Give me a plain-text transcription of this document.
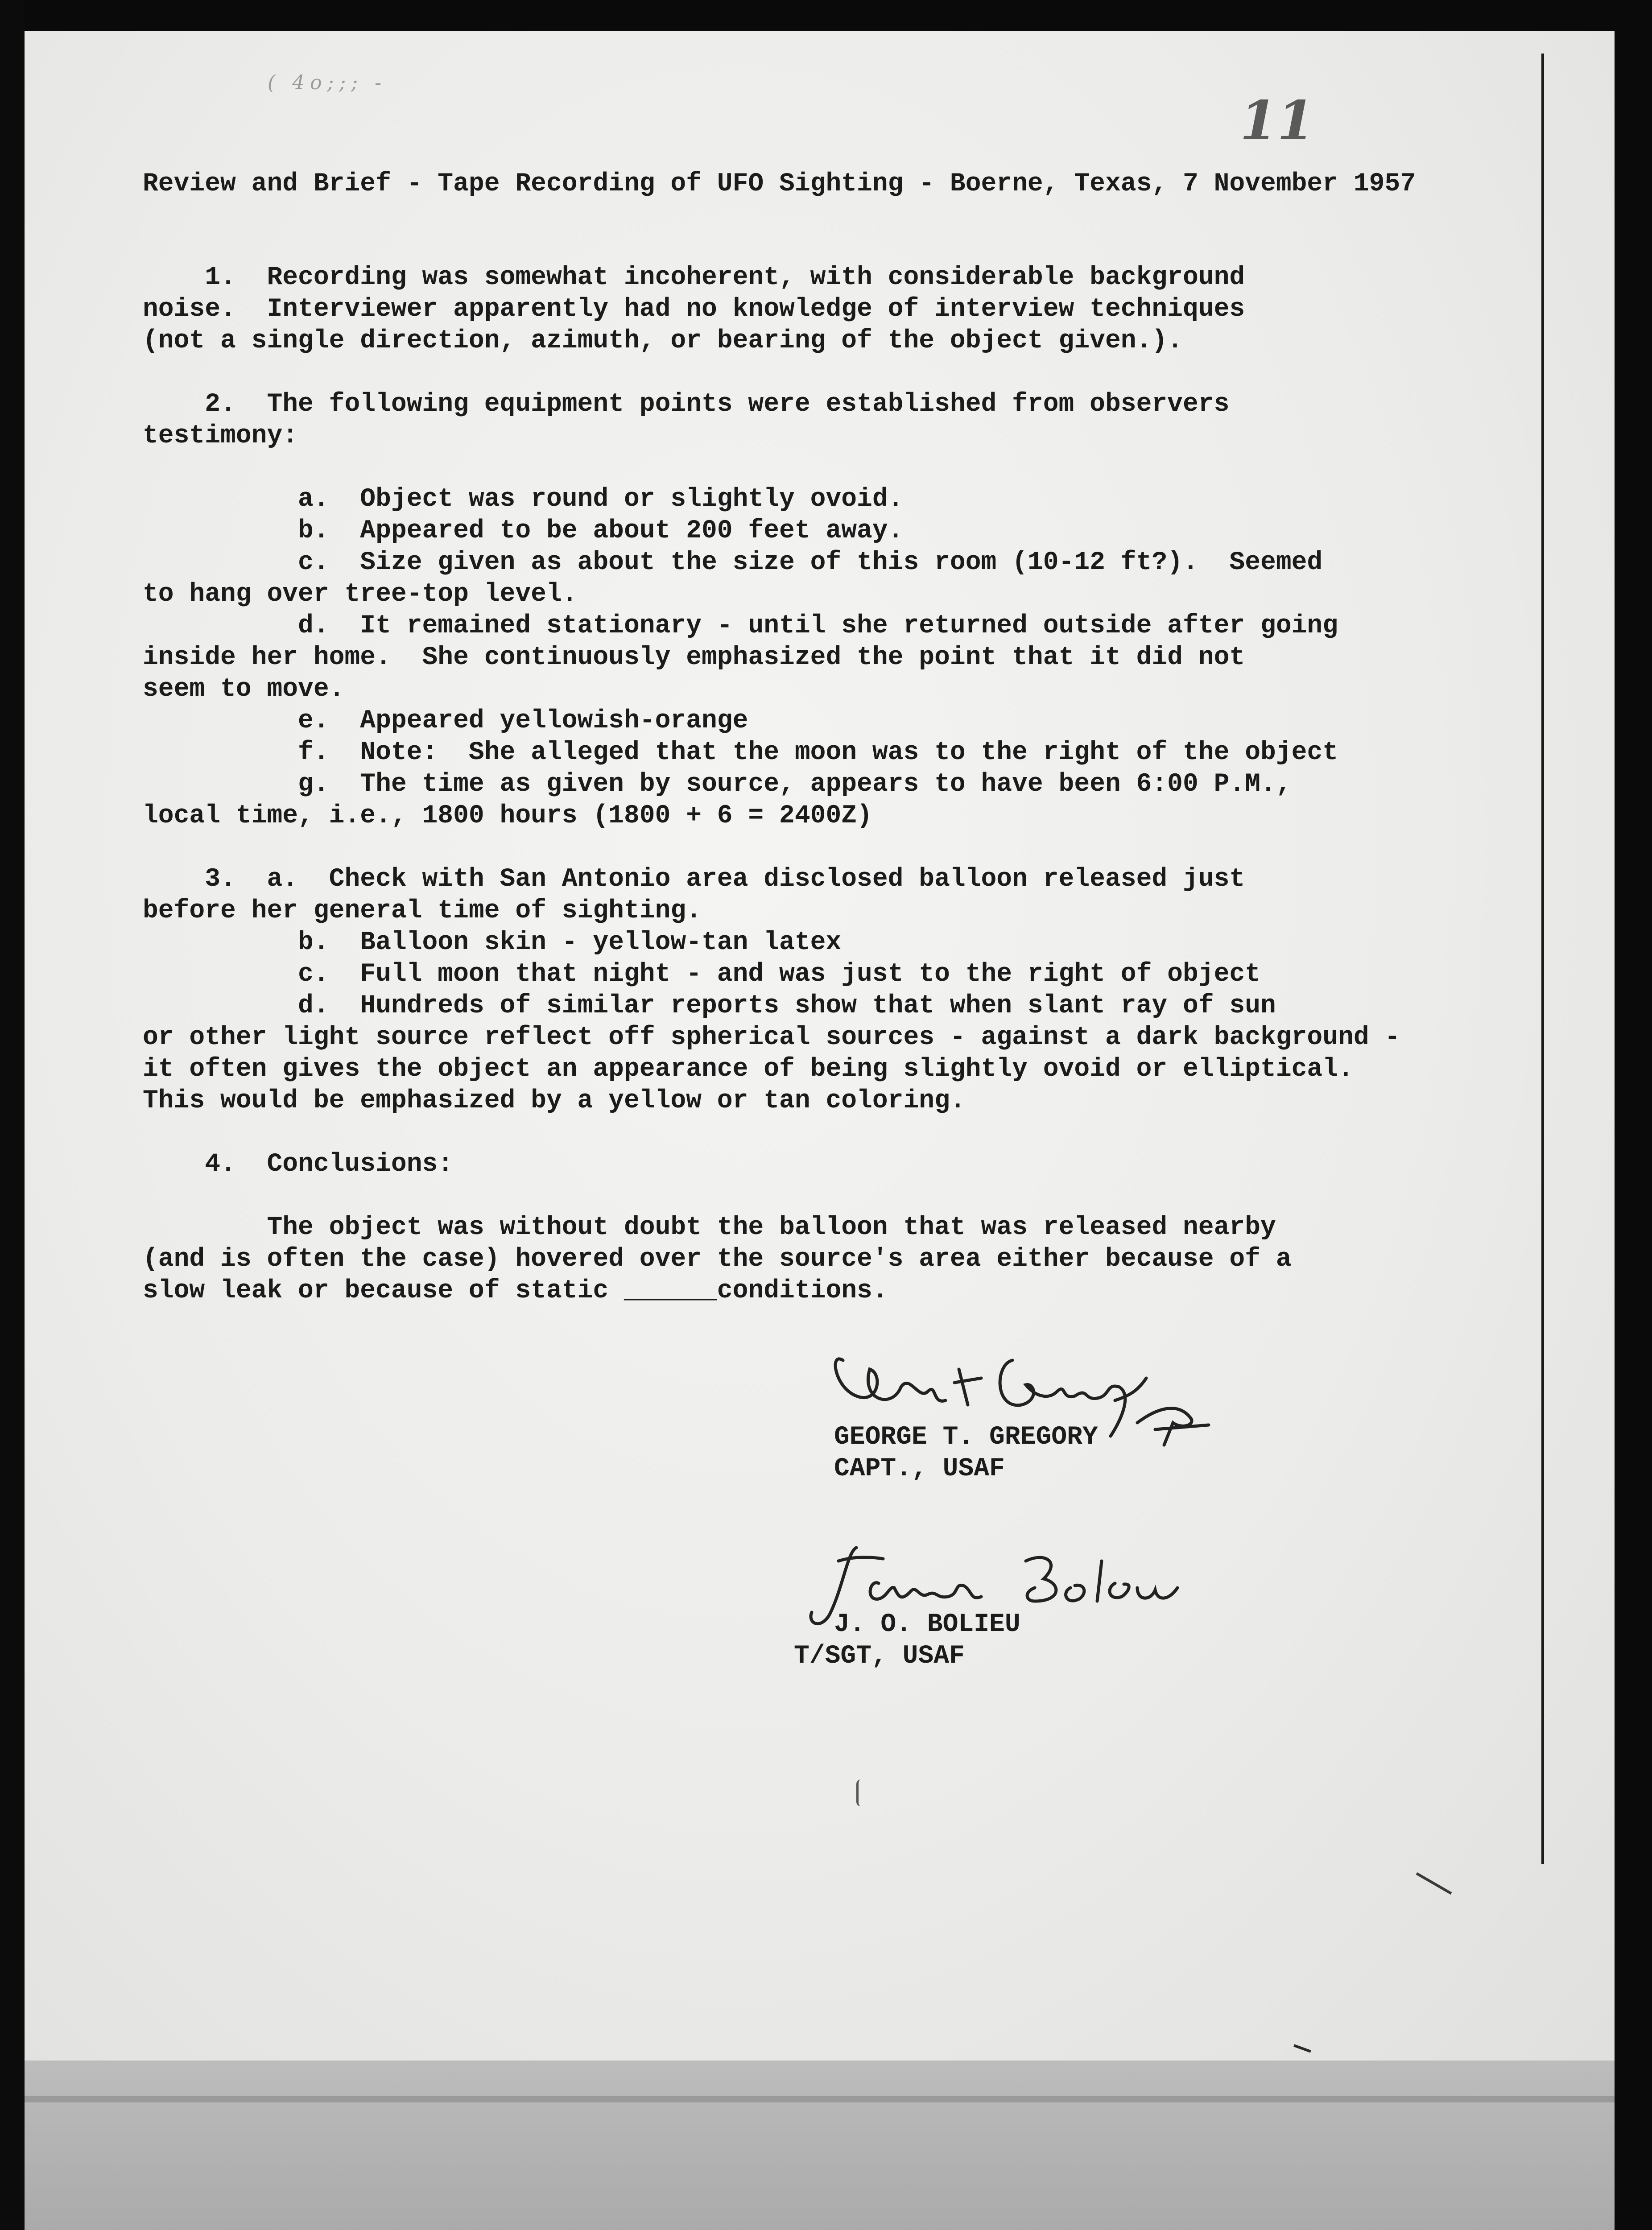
( 4o;;; -
11

Review and Brief - Tape Recording of UFO Sighting - Boerne, Texas, 7 November 1957

1.  Recording was somewhat incoherent, with considerable background

noise.  Interviewer apparently had no knowledge of interview techniques

(not a single direction, azimuth, or bearing of the object given.).

2.  The following equipment points were established from observers

testimony:

a.  Object was round or slightly ovoid.

b.  Appeared to be about 200 feet away.

c.  Size given as about the size of this room (10-12 ft?).  Seemed

to hang over tree-top level.

d.  It remained stationary - until she returned outside after going

inside her home.  She continuously emphasized the point that it did not

seem to move.

e.  Appeared yellowish-orange

f.  Note:  She alleged that the moon was to the right of the object

g.  The time as given by source, appears to have been 6:00 P.M.,

local time, i.e., 1800 hours (1800 + 6 = 2400Z)

3.  a.  Check with San Antonio area disclosed balloon released just

before her general time of sighting.

b.  Balloon skin - yellow-tan latex

c.  Full moon that night - and was just to the right of object

d.  Hundreds of similar reports show that when slant ray of sun

or other light source reflect off spherical sources - against a dark background -

it often gives the object an appearance of being slightly ovoid or elliptical.

This would be emphasized by a yellow or tan coloring.

4.  Conclusions:

The object was without doubt the balloon that was released nearby

(and is often the case) hovered over the source's area either because of a

slow leak or because of static ______conditions.

GEORGE T. GREGORY

CAPT., USAF

J. O. BOLIEU

T/SGT, USAF
